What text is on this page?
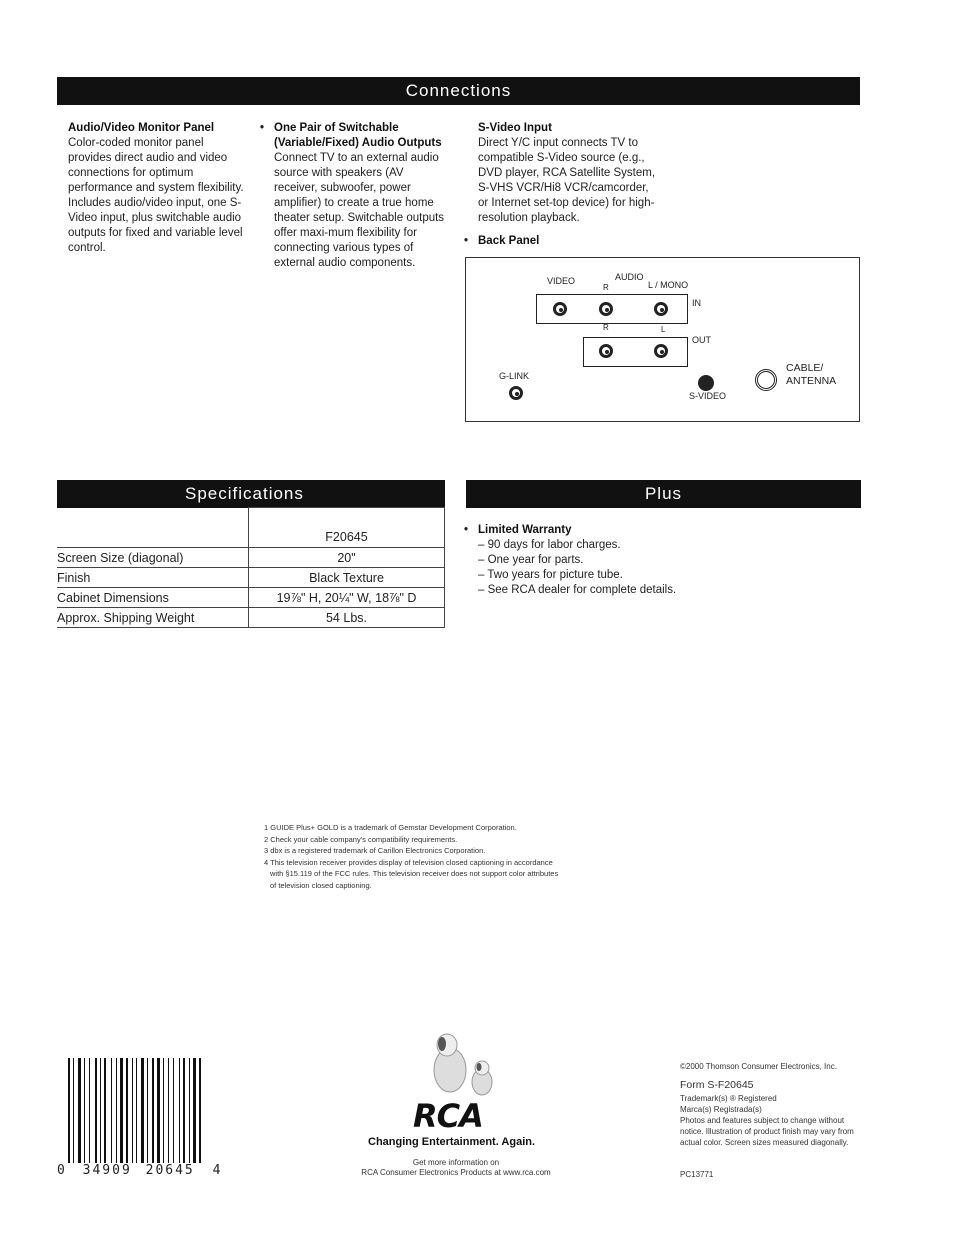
Connections
Audio/Video Monitor Panel
Color-coded monitor panel provides direct audio and video connections for optimum performance and system flexibility. Includes audio/video input, one S-Video input, plus switchable audio outputs for fixed and variable level control.
• One Pair of Switchable (Variable/Fixed) Audio Outputs
Connect TV to an external audio source with speakers (AV receiver, subwoofer, power amplifier) to create a true home theater setup. Switchable outputs offer maxi-mum flexibility for connecting various types of external audio components.
S-Video Input
Direct Y/C input connects TV to compatible S-Video source (e.g., DVD player, RCA Satellite System, S-VHS VCR/Hi8 VCR/camcorder, or Internet set-top device) for high-resolution playback.
• Back Panel
VIDEO	AUDIO
R	L / MONO
IN
R	L
OUT
G-LINK
S-VIDEO
CABLE/
ANTENNA
Specifications
	F20645
Screen Size (diagonal)	20"
Finish	Black Texture
Cabinet Dimensions	19⅞" H, 20¼" W, 18⅞" D
Approx. Shipping Weight	54 Lbs.
Plus
• Limited Warranty
– 90 days for labor charges.
– One year for parts.
– Two years for picture tube.
– See RCA dealer for complete details.
1 GUIDE Plus+ GOLD is a trademark of Gemstar Development Corporation.
2 Check your cable company's compatibility requirements.
3 dbx is a registered trademark of Carillon Electronics Corporation.
4 This television receiver provides display of television closed captioning in accordance
with §15.119 of the FCC rules. This television receiver does not support color attributes
of television closed captioning.
0 34909 20645 4
RCA
Changing Entertainment. Again.
Get more information on
RCA Consumer Electronics Products at www.rca.com
©2000 Thomson Consumer Electronics, Inc.
Form S-F20645
Trademark(s) ® Registered
Marca(s) Registrada(s)
Photos and features subject to change without notice. Illustration of product finish may vary from actual color. Screen sizes measured diagonally.
PC13771
